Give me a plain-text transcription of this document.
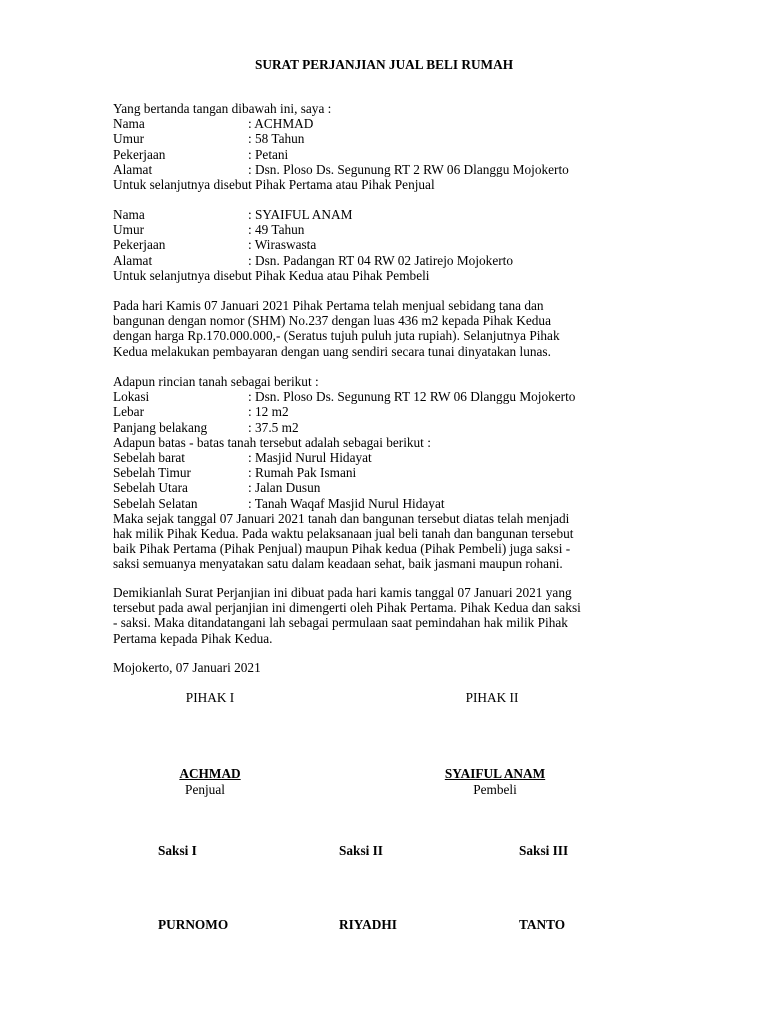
SURAT PERJANJIAN JUAL BELI RUMAH
Yang bertanda tangan dibawah ini, saya :
Nama	: ACHMAD
Umur	: 58 Tahun
Pekerjaan	: Petani
Alamat	: Dsn. Ploso Ds. Segunung RT 2 RW 06 Dlanggu Mojokerto
Untuk selanjutnya disebut Pihak Pertama atau Pihak Penjual
Nama	: SYAIFUL ANAM
Umur	: 49 Tahun
Pekerjaan	: Wiraswasta
Alamat	: Dsn. Padangan RT 04 RW 02 Jatirejo Mojokerto
Untuk selanjutnya disebut Pihak Kedua atau Pihak Pembeli
Pada hari Kamis 07 Januari 2021 Pihak Pertama telah menjual sebidang tana dan
bangunan dengan nomor (SHM) No.237 dengan luas 436 m2 kepada Pihak Kedua
dengan harga Rp.170.000.000,- (Seratus tujuh puluh juta rupiah). Selanjutnya Pihak
Kedua melakukan pembayaran dengan uang sendiri secara tunai dinyatakan lunas.
Adapun rincian tanah sebagai berikut :
Lokasi	: Dsn. Ploso Ds. Segunung RT 12 RW 06 Dlanggu Mojokerto
Lebar	: 12 m2
Panjang belakang	: 37.5 m2
Adapun batas - batas tanah tersebut adalah sebagai berikut :
Sebelah barat	: Masjid Nurul Hidayat
Sebelah Timur	: Rumah Pak Ismani
Sebelah Utara	: Jalan Dusun
Sebelah Selatan	: Tanah Waqaf Masjid Nurul Hidayat
Maka sejak tanggal 07 Januari 2021 tanah dan bangunan tersebut diatas telah menjadi
hak milik Pihak Kedua. Pada waktu pelaksanaan jual beli tanah dan bangunan tersebut
baik Pihak Pertama (Pihak Penjual) maupun Pihak kedua (Pihak Pembeli) juga saksi -
saksi semuanya menyatakan satu dalam keadaan sehat, baik jasmani maupun rohani.
Demikianlah Surat Perjanjian ini dibuat pada hari kamis tanggal 07 Januari 2021 yang
tersebut pada awal perjanjian ini dimengerti oleh Pihak Pertama. Pihak Kedua dan saksi
- saksi. Maka ditandatangani lah sebagai permulaan saat pemindahan hak milik Pihak
Pertama kepada Pihak Kedua.
Mojokerto, 07 Januari 2021
PIHAK I	PIHAK II
ACHMAD
Penjual
SYAIFUL ANAM
Pembeli
Saksi I	Saksi II	Saksi III
PURNOMO	RIYADHI	TANTO
